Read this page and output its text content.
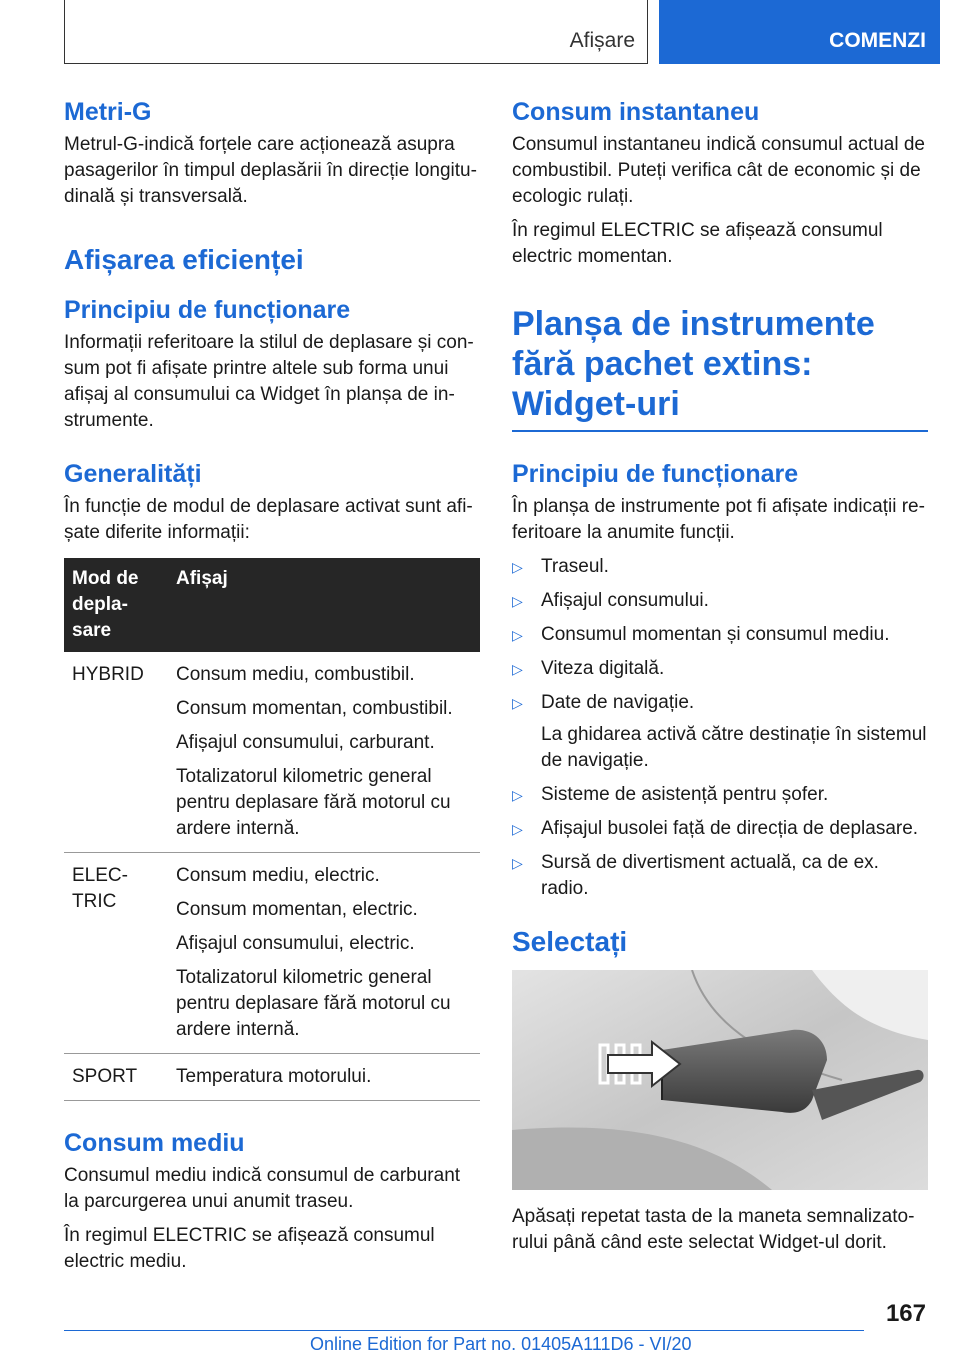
Afișare	COMENZI
Metri-G

Metrul-G-indică forțele care acționează asupra pasagerilor în timpul deplasării în direcție longitudinală și transversală.

Afișarea eficienței
Principiu de funcționare

Informații referitoare la stilul de deplasare și consum pot fi afișate printre altele sub forma unui afișaj al consumului ca Widget în planșa de instrumente.

Generalități

În funcție de modul de deplasare activat sunt afișate diferite informații:

Mod de deplasare	Afișaj
HYBRID	Consum mediu, combustibil.
Consum momentan, combustibil.
Afișajul consumului, carburant.
Totalizatorul kilometric general pentru deplasare fără motorul cu ardere internă.

ELECTRIC	Consum mediu, electric.
Consum momentan, electric.
Afișajul consumului, electric.
Totalizatorul kilometric general pentru deplasare fără motorul cu ardere internă.

SPORT	Temperatura motorului.
Consum mediu

Consumul mediu indică consumul de carburant la parcurgerea unui anumit traseu.

În regimul ELECTRIC se afișează consumul electric mediu.

Consum instantaneu

Consumul instantaneu indică consumul actual de combustibil. Puteți verifica cât de economic și de ecologic rulați.

În regimul ELECTRIC se afișează consumul electric momentan.

Planșa de instrumente fără pachet extins: Widget-uri
Principiu de funcționare

În planșa de instrumente pot fi afișate indicații referitoare la anumite funcții.

▷ Traseul.
▷ Afișajul consumului.
▷ Consumul momentan și consumul mediu.
▷ Viteza digitală.
▷ Date de navigație.
La ghidarea activă către destinație în sistemul de navigație.
▷ Sisteme de asistență pentru șofer.
▷ Afișajul busolei față de direcția de deplasare.
▷ Sursă de divertisment actuală, ca de ex. radio.
Selectați

Apăsați repetat tasta de la maneta semnalizatorului până când este selectat Widget-ul dorit.

167
Online Edition for Part no. 01405A111D6 - VI/20
